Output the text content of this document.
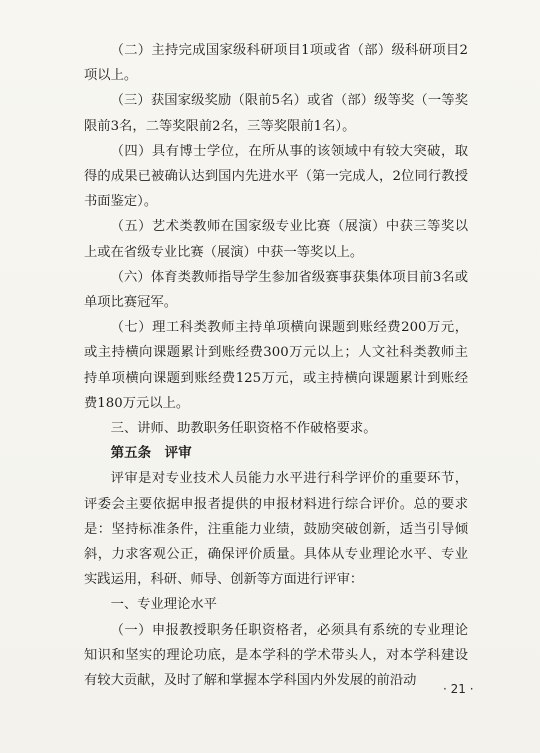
（二）主持完成国家级科研项目1项或省（部）级科研项目2项以上。

（三）获国家级奖励（限前5名）或省（部）级等奖（一等奖限前3名，二等奖限前2名，三等奖限前1名）。

（四）具有博士学位，在所从事的该领域中有较大突破，取得的成果已被确认达到国内先进水平（第一完成人，2位同行教授书面鉴定）。

（五）艺术类教师在国家级专业比赛（展演）中获三等奖以上或在省级专业比赛（展演）中获一等奖以上。

（六）体育类教师指导学生参加省级赛事获集体项目前3名或单项比赛冠军。

（七）理工科类教师主持单项横向课题到账经费200万元，或主持横向课题累计到账经费300万元以上；人文社科类教师主持单项横向课题到账经费125万元，或主持横向课题累计到账经费180万元以上。

三、讲师、助教职务任职资格不作破格要求。

第五条　评审

评审是对专业技术人员能力水平进行科学评价的重要环节，评委会主要依据申报者提供的申报材料进行综合评价。总的要求是：坚持标准条件，注重能力业绩，鼓励突破创新，适当引导倾斜，力求客观公正，确保评价质量。具体从专业理论水平、专业实践运用，科研、师导、创新等方面进行评审：

一、专业理论水平

（一）申报教授职务任职资格者，必须具有系统的专业理论知识和坚实的理论功底，是本学科的学术带头人，对本学科建设有较大贡献，及时了解和掌握本学科国内外发展的前沿动

· 21 ·
